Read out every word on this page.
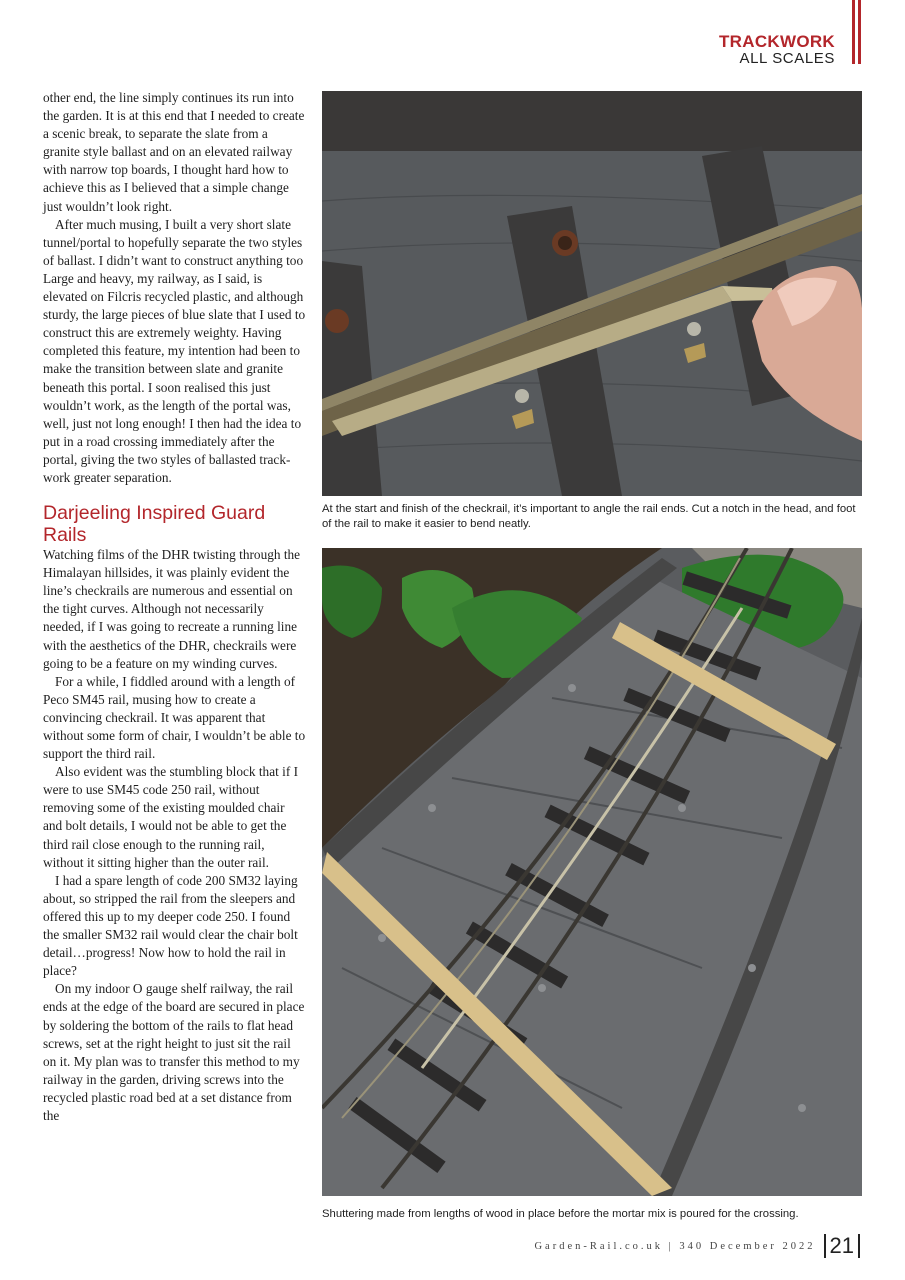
TRACKWORK
ALL SCALES

other end, the line simply continues its run into the garden. It is at this end that I needed to create a scenic break, to separate the slate from a granite style ballast and on an elevated railway with narrow top boards, I thought hard how to achieve this as I believed that a simple change just wouldn’t look right.

After much musing, I built a very short slate tunnel/portal to hopefully separate the two styles of ballast. I didn’t want to construct anything too Large and heavy, my railway, as I said, is elevated on Filcris recycled plastic, and although sturdy, the large pieces of blue slate that I used to construct this are extremely weighty. Having completed this feature, my intention had been to make the transition between slate and granite beneath this portal. I soon realised this just wouldn’t work, as the length of the portal was, well, just not long enough! I then had the idea to put in a road crossing immediately after the portal, giving the two styles of ballasted track-work greater separation.

Darjeeling Inspired Guard Rails

Watching films of the DHR twisting through the Himalayan hillsides, it was plainly evident the line’s checkrails are numerous and essential on the tight curves. Although not necessarily needed, if I was going to recreate a running line with the aesthetics of the DHR, checkrails were going to be a feature on my winding curves.

For a while, I fiddled around with a length of Peco SM45 rail, musing how to create a convincing checkrail. It was apparent that without some form of chair, I wouldn’t be able to support the third rail.

Also evident was the stumbling block that if I were to use SM45 code 250 rail, without removing some of the existing moulded chair and bolt details, I would not be able to get the third rail close enough to the running rail, without it sitting higher than the outer rail.

I had a spare length of code 200 SM32 laying about, so stripped the rail from the sleepers and offered this up to my deeper code 250. I found the smaller SM32 rail would clear the chair bolt detail…progress! Now how to hold the rail in place?

On my indoor O gauge shelf railway, the rail ends at the edge of the board are secured in place by soldering the bottom of the rails to flat head screws, set at the right height to just sit the rail on it. My plan was to transfer this method to my railway in the garden, driving screws into the recycled plastic road bed at a set distance from the

At the start and finish of the checkrail, it’s important to angle the rail ends. Cut a notch in the head, and foot of the rail to make it easier to bend neatly.

Shuttering made from lengths of wood in place before the mortar mix is poured for the crossing.

Garden-Rail.co.uk | 340 December 2022 21
